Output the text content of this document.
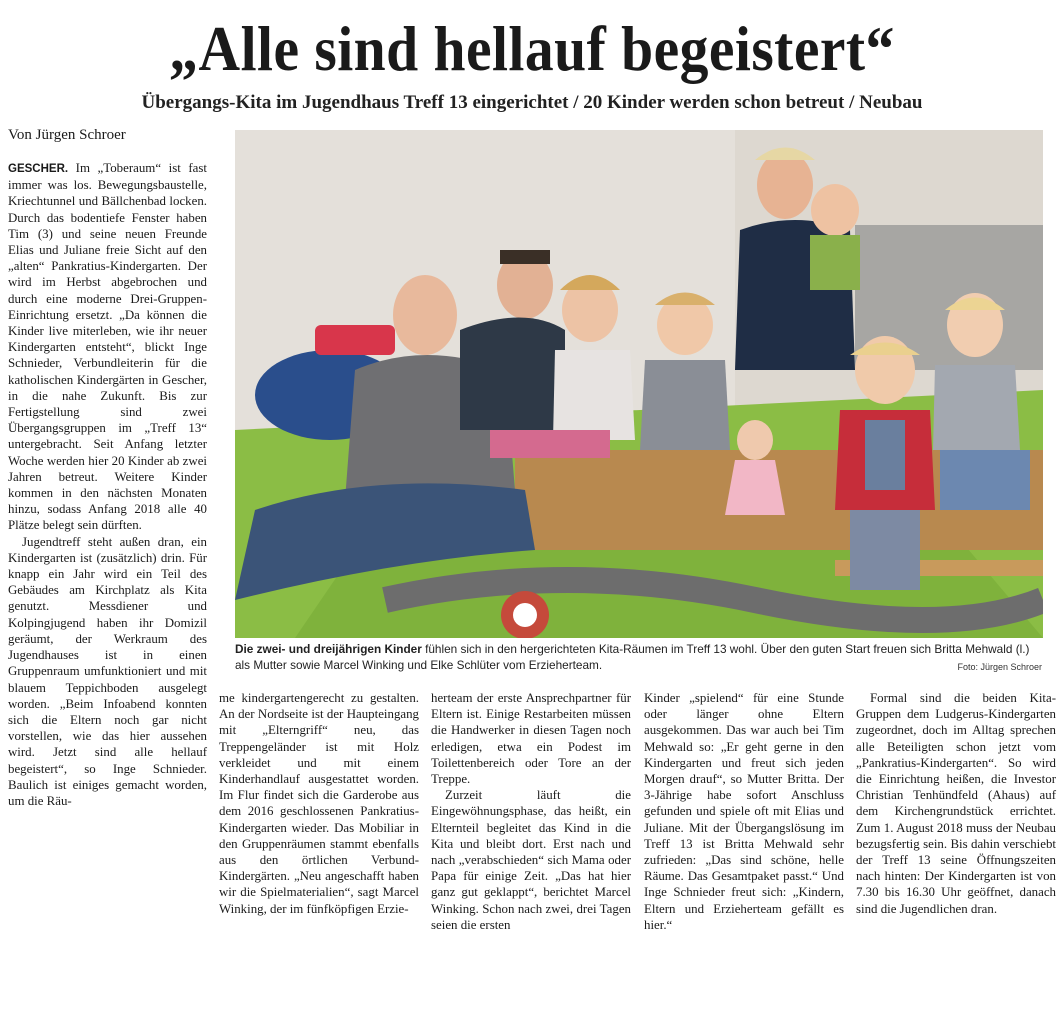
„Alle sind hellauf begeistert“
Übergangs-Kita im Jugendhaus Treff 13 eingerichtet / 20 Kinder werden schon betreut / Neubau
Von Jürgen Schroer

GESCHER. Im „Toberaum“ ist fast immer was los. Bewegungsbaustelle, Kriechtunnel und Bällchenbad locken. Durch das bodentiefe Fenster haben Tim (3) und seine neuen Freunde Elias und Juliane freie Sicht auf den „alten“ Pankratius-Kindergarten. Der wird im Herbst abgebrochen und durch eine moderne Drei-Gruppen-Einrichtung ersetzt. „Da können die Kinder live miterleben, wie ihr neuer Kindergarten entsteht“, blickt Inge Schnieder, Verbundleiterin für die katholischen Kindergärten in Gescher, in die nahe Zukunft. Bis zur Fertigstellung sind zwei Übergangsgruppen im „Treff 13“ untergebracht. Seit Anfang letzter Woche werden hier 20 Kinder ab zwei Jahren betreut. Weitere Kinder kommen in den nächsten Monaten hinzu, sodass Anfang 2018 alle 40 Plätze belegt sein dürften.

Jugendtreff steht außen dran, ein Kindergarten ist (zusätzlich) drin. Für knapp ein Jahr wird ein Teil des Gebäudes am Kirchplatz als Kita genutzt. Messdiener und Kolpingjugend haben ihr Domizil geräumt, der Werkraum des Jugendhauses ist in einen Gruppenraum umfunktioniert und mit blauem Teppichboden ausgelegt worden. „Beim Infoabend konnten sich die Eltern noch gar nicht vorstellen, wie das hier aussehen wird. Jetzt sind alle hellauf begeistert“, so Inge Schnieder. Baulich ist einiges gemacht worden, um die Räu-

Die zwei- und dreijährigen Kinder fühlen sich in den hergerichteten Kita-Räumen im Treff 13 wohl. Über den guten Start freuen sich Britta Mehwald (l.) als Mutter sowie Marcel Winking und Elke Schlüter vom Erzieherteam.	Foto: Jürgen Schroer

me kindergartengerecht zu gestalten. An der Nordseite ist der Haupteingang mit „Elterngriff“ neu, das Treppengeländer ist mit Holz verkleidet und mit einem Kinderhandlauf ausgestattet worden. Im Flur findet sich die Garderobe aus dem 2016 geschlossenen Pankratius-Kindergarten wieder. Das Mobiliar in den Gruppenräumen stammt ebenfalls aus den örtlichen Verbund-Kindergärten. „Neu angeschafft haben wir die Spielmaterialien“, sagt Marcel Winking, der im fünfköpfigen Erzie-

herteam der erste Ansprechpartner für Eltern ist. Einige Restarbeiten müssen die Handwerker in diesen Tagen noch erledigen, etwa ein Podest im Toilettenbereich oder Tore an der Treppe.

Zurzeit läuft die Eingewöhnungsphase, das heißt, ein Elternteil begleitet das Kind in die Kita und bleibt dort. Erst nach und nach „verabschieden“ sich Mama oder Papa für einige Zeit. „Das hat hier ganz gut geklappt“, berichtet Marcel Winking. Schon nach zwei, drei Tagen seien die ersten

Kinder „spielend“ für eine Stunde oder länger ohne Eltern ausgekommen. Das war auch bei Tim Mehwald so: „Er geht gerne in den Kindergarten und freut sich jeden Morgen drauf“, so Mutter Britta. Der 3-Jährige habe sofort Anschluss gefunden und spiele oft mit Elias und Juliane. Mit der Übergangslösung im Treff 13 ist Britta Mehwald sehr zufrieden: „Das sind schöne, helle Räume. Das Gesamtpaket passt.“ Und Inge Schnieder freut sich: „Kindern, Eltern und Erzieherteam gefällt es hier.“

Formal sind die beiden Kita-Gruppen dem Ludgerus-Kindergarten zugeordnet, doch im Alltag sprechen alle Beteiligten schon jetzt vom „Pankratius-Kindergarten“. So wird die Einrichtung heißen, die Investor Christian Tenhündfeld (Ahaus) auf dem Kirchengrundstück errichtet. Zum 1. August 2018 muss der Neubau bezugsfertig sein. Bis dahin verschiebt der Treff 13 seine Öffnungszeiten nach hinten: Der Kindergarten ist von 7.30 bis 16.30 Uhr geöffnet, danach sind die Jugendlichen dran.
